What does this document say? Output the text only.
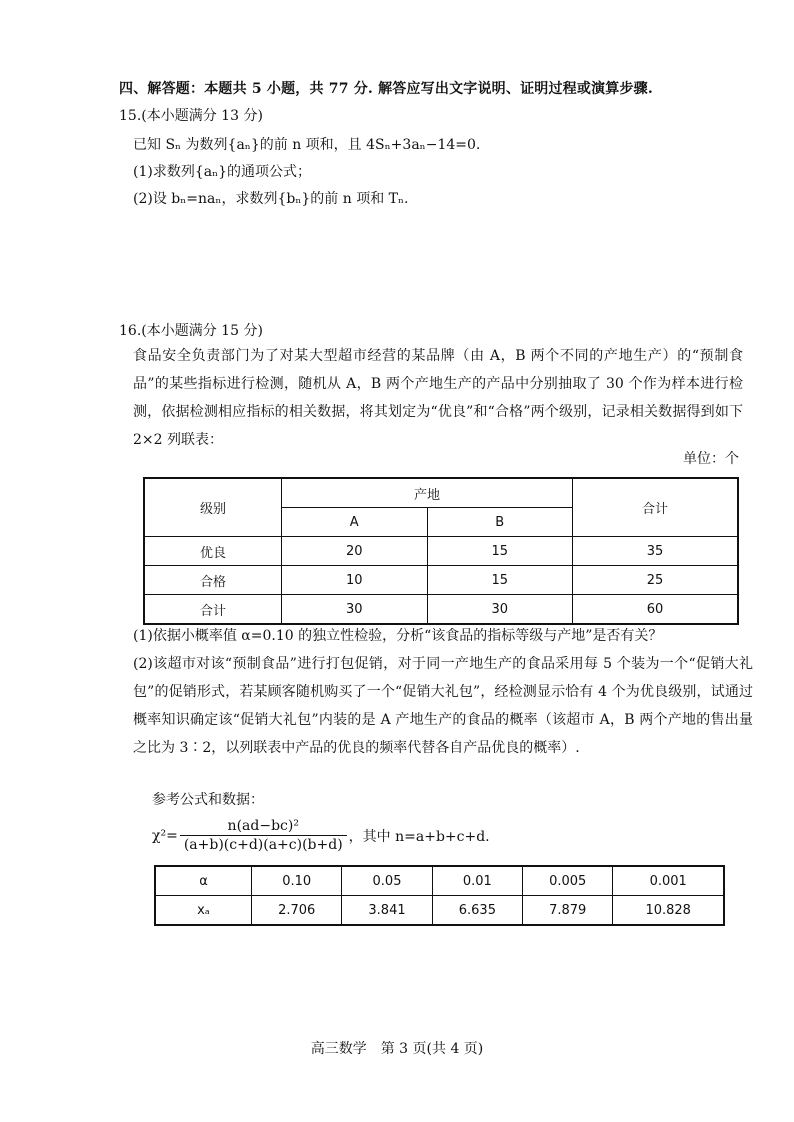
四、解答题：本题共 5 小题，共 77 分. 解答应写出文字说明、证明过程或演算步骤.
15.(本小题满分 13 分)
已知 Sₙ 为数列{aₙ}的前 n 项和，且 4Sₙ+3aₙ−14=0.
(1)求数列{aₙ}的通项公式；
(2)设 bₙ=naₙ，求数列{bₙ}的前 n 项和 Tₙ.
16.(本小题满分 15 分)
食品安全负责部门为了对某大型超市经营的某品牌（由 A，B 两个不同的产地生产）的“预制食品”的某些指标进行检测，随机从 A，B 两个产地生产的产品中分别抽取了 30 个作为样本进行检测，依据检测相应指标的相关数据，将其划定为“优良”和“合格”两个级别，记录相关数据得到如下 2×2 列联表：
单位：个
级别	产地		合计
	A	B	
优良	20	15	35
合格	10	15	25
合计	30	30	60
(1)依据小概率值 α=0.10 的独立性检验，分析“该食品的指标等级与产地”是否有关？
(2)该超市对该“预制食品”进行打包促销，对于同一产地生产的食品采用每 5 个装为一个“促销大礼包”的促销形式，若某顾客随机购买了一个“促销大礼包”，经检测显示恰有 4 个为优良级别，试通过概率知识确定该“促销大礼包”内装的是 A 产地生产的食品的概率（该超市 A，B 两个产地的售出量之比为 3∶2，以列联表中产品的优良的频率代替各自产品优良的概率）.
参考公式和数据：
$\chi^2= \frac{\text{n(ad−bc)²}}{(a+b)(c+d)(a+c)(b+d)}$ ，其中 n=a+b+c+d.
α	0.10	0.05	0.01	0.005	0.001
xₐ	2.706	3.841	6.635	7.879	10.828
高三数学　第 3 页(共 4 页)
